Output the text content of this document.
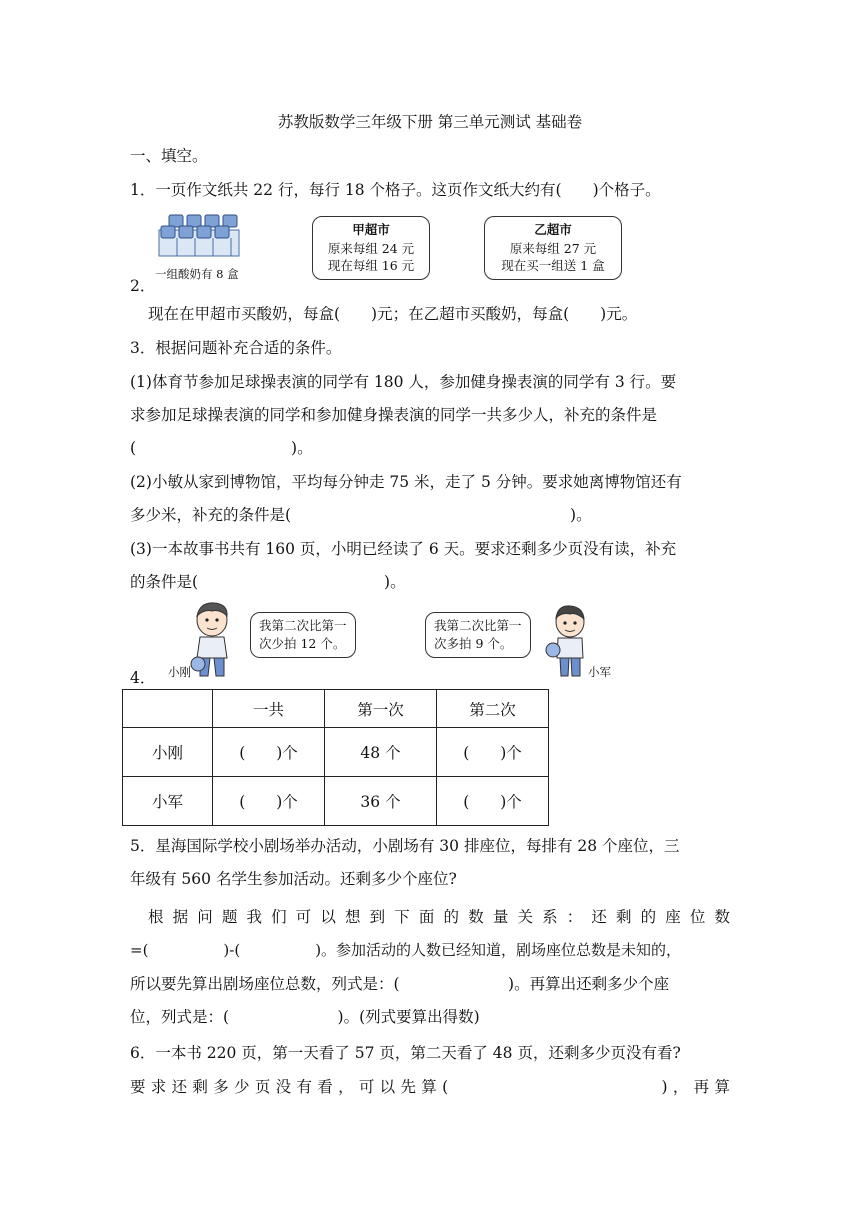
苏教版数学三年级下册 第三单元测试 基础卷
一、填空。
1．一页作文纸共 22 行，每行 18 个格子。这页作文纸大约有(　　)个格子。
一组酸奶有 8 盒
2．
甲超市
原来每组 24 元
现在每组 16 元
乙超市
原来每组 27 元
现在买一组送 1 盒
现在在甲超市买酸奶，每盒(　　)元；在乙超市买酸奶，每盒(　　)元。
3．根据问题补充合适的条件。
(1)体育节参加足球操表演的同学有 180 人，参加健身操表演的同学有 3 行。要
求参加足球操表演的同学和参加健身操表演的同学一共多少人，补充的条件是
(　　　　　　　　　　)。
(2)小敏从家到博物馆，平均每分钟走 75 米，走了 5 分钟。要求她离博物馆还有
多少米，补充的条件是(　　　　　　　　　　　　　　　　　　)。
(3)一本故事书共有 160 页，小明已经读了 6 天。要求还剩多少页没有读，补充
的条件是(　　　　　　　　　　　　)。
小刚
我第二次比第一
次少拍 12 个。
我第二次比第一
次多拍 9 个。
小军
4．
	一共	第一次	第二次
小刚	(　　)个	48 个	(　　)个
小军	(　　)个	36 个	(　　)个
5．星海国际学校小剧场举办活动，小剧场有 30 排座位，每排有 28 个座位，三
年级有 560 名学生参加活动。还剩多少个座位?
根据问题我们可以想到下面的数量关系：还剩的座位数
=(　　　　　)-(　　　　　)。参加活动的人数已经知道，剧场座位总数是未知的，
所以要先算出剧场座位总数，列式是：(　　　　　　　)。再算出还剩多少个座
位，列式是：(　　　　　　　)。(列式要算出得数)
6．一本书 220 页，第一天看了 57 页，第二天看了 48 页，还剩多少页没有看?
要求还剩多少页没有看，可以先算(　　　　　　　　　　)，再算
